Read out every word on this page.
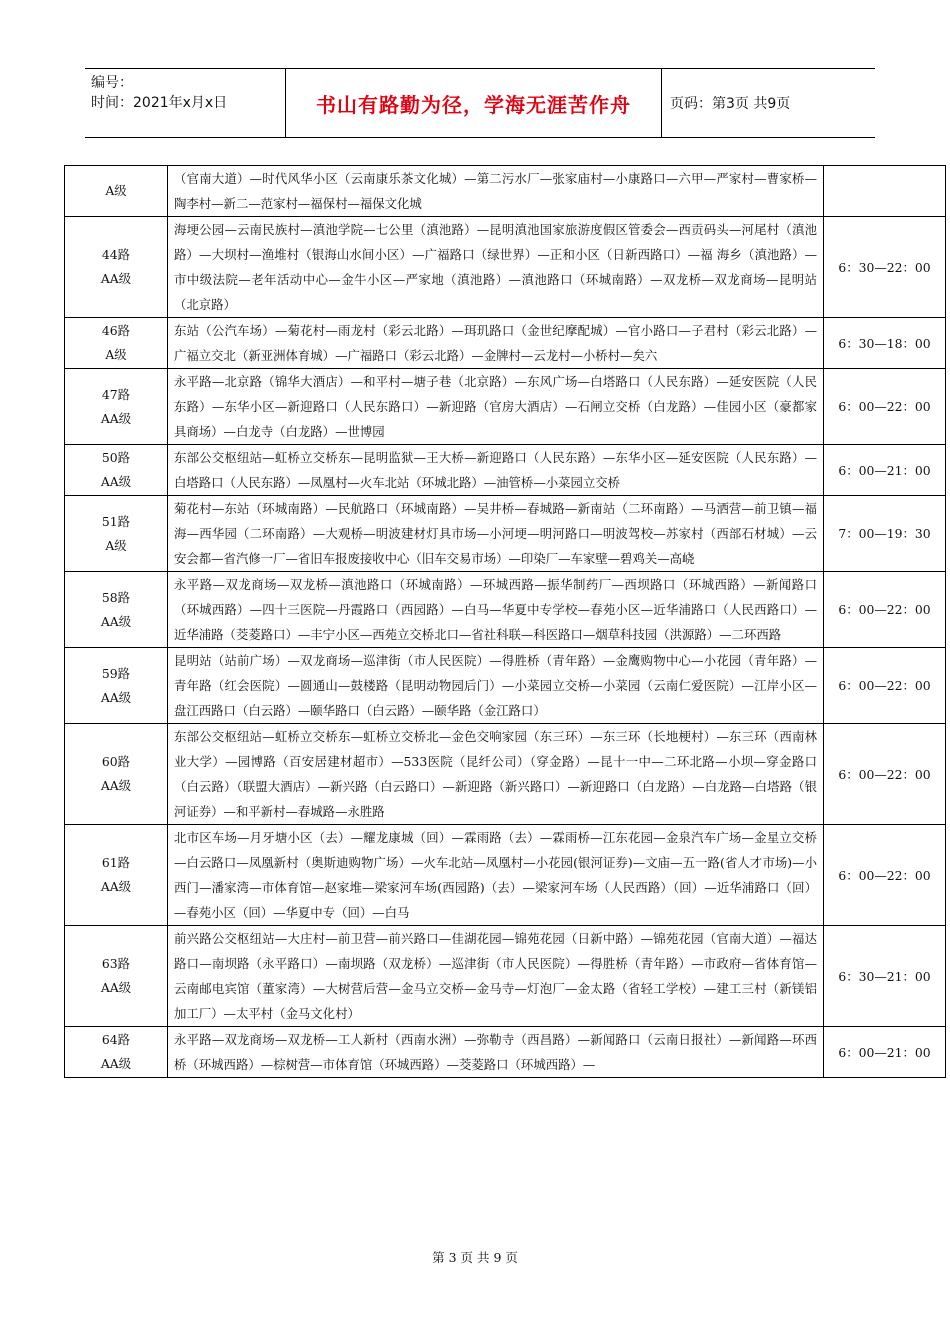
编号：
时间：2021年x月x日	书山有路勤为径，学海无涯苦作舟	页码：第3页 共9页
A级	（官南大道）—时代风华小区（云南康乐茶文化城）—第二污水厂—张家庙村—小康路口—六甲—严家村—曹家桥—陶李村—新二—范家村—福保村—福保文化城	

44路
AA级	海埂公园—云南民族村—滇池学院—七公里（滇池路）—昆明滇池国家旅游度假区管委会—西贡码头—河尾村（滇池路）—大坝村—渔堆村（银海山水间小区）—广福路口（绿世界）—正和小区（日新西路口）—福 海乡（滇池路）—市中级法院—老年活动中心—金牛小区—严家地（滇池路）—滇池路口（环城南路）—双龙桥—双龙商场—昆明站（北京路）	6：30—22：00

46路
A级	东站（公汽车场）—菊花村—雨龙村（彩云北路）—珥玑路口（金世纪摩配城）—官小路口—子君村（彩云北路）—广福立交北（新亚洲体育城）—广福路口（彩云北路）—金牌村—云龙村—小桥村—矣六	6：30—18：00

47路
AA级	永平路—北京路（锦华大酒店）—和平村—塘子巷（北京路）—东风广场—白塔路口（人民东路）—延安医院（人民东路）—东华小区—新迎路口（人民东路口）—新迎路（官房大酒店）—石闸立交桥（白龙路）—佳园小区（豪都家具商场）—白龙寺（白龙路）—世博园	6：00—22：00

50路
AA级	东部公交枢纽站—虹桥立交桥东—昆明监狱—王大桥—新迎路口（人民东路）—东华小区—延安医院（人民东路）—白塔路口（人民东路）—凤凰村—火车北站（环城北路）—油管桥—小菜园立交桥	6：00—21：00

51路
A级	菊花村—东站（环城南路）—民航路口（环城南路）—吴井桥—春城路—新南站（二环南路）—马洒营—前卫镇—福 海—西华园（二环南路）—大观桥—明波建材灯具市场—小河埂—明河路口—明波驾校—苏家村（西部石材城）—云安会都—省汽修一厂—省旧车报废接收中心（旧车交易市场）—印染厂—车家壁—碧鸡关—高峣	7：00—19：30

58路
AA级	永平路—双龙商场—双龙桥—滇池路口（环城南路）—环城西路—振华制药厂—西坝路口（环城西路）—新闻路口（环城西路）—四十三医院—丹霞路口（西园路）—白马—华夏中专学校—春苑小区—近华浦路口（人民西路口）—近华浦路（茭菱路口）—丰宁小区—西苑立交桥北口—省社科联—科医路口—烟草科技园（洪源路）—二环西路	6：00—22：00

59路
AA级	昆明站（站前广场）—双龙商场—巡津街（市人民医院）—得胜桥（青年路）—金鹰购物中心—小花园（青年路）—青年路（红会医院）—圆通山—鼓楼路（昆明动物园后门）—小菜园立交桥—小菜园（云南仁爱医院）—江岸小区—盘江西路口（白云路）—颐华路口（白云路）—颐华路（金江路口）	6：00—22：00

60路
AA级	东部公交枢纽站—虹桥立交桥东—虹桥立交桥北—金色交响家园（东三环）—东三环（长地梗村）—东三环（西南林业大学）—园博路（百安居建材超市）—533医院（昆纤公司）（穿金路）—昆十一中—二环北路—小坝—穿金路口（白云路）（联盟大酒店）—新兴路（白云路口）—新迎路（新兴路口）—新迎路口（白龙路）—白龙路—白塔路（银河证券）—和平新村—春城路—永胜路	6：00—22：00

61路
AA级	北市区车场—月牙塘小区（去）—耀龙康城（回）—霖雨路（去）—霖雨桥—江东花园—金泉汽车广场—金星立交桥—白云路口—凤凰新村（奥斯迪购物广场）—火车北站—凤凰村—小花园(银河证券)—文庙—五一路(省人才市场)—小西门—潘家湾—市体育馆—赵家堆—梁家河车场(西园路)（去）—梁家河车场（人民西路）（回）—近华浦路口（回）—春苑小区（回）—华夏中专（回）—白马	6：00—22：00

63路
AA级	前兴路公交枢纽站—大庄村—前卫营—前兴路口—佳湖花园—锦苑花园（日新中路）—锦苑花园（官南大道）—福达路口—南坝路（永平路口）—南坝路（双龙桥）—巡津街（市人民医院）—得胜桥（青年路）—市政府—省体育馆—云南邮电宾馆（董家湾）—大树营后营—金马立交桥—金马寺—灯泡厂—金太路（省轻工学校）—建工三村（新镁铝加工厂）—太平村（金马文化村）	6：30—21：00

64路
AA级	永平路—双龙商场—双龙桥—工人新村（西南水洲）—弥勒寺（西昌路）—新闻路口（云南日报社）—新闻路—环西桥（环城西路）—棕树营—市体育馆（环城西路）—茭菱路口（环城西路）—	6：00—21：00
第 3 页 共 9 页
